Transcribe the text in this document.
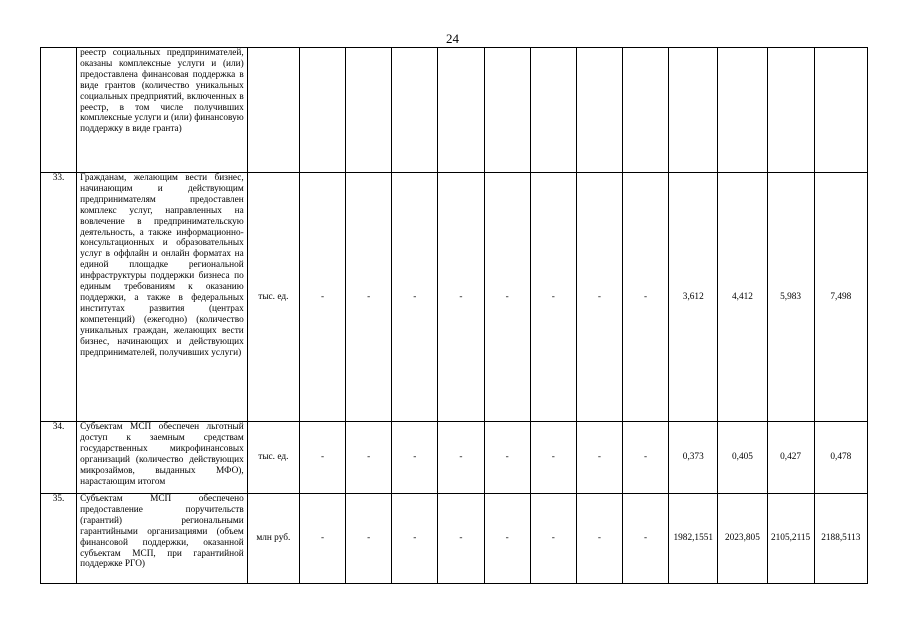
24
	реестр социальных предпринимателей, оказаны комплексные услуги и (или) предоставлена финансовая поддержка в виде грантов (количество уникальных социальных предприятий, включенных в реестр, в том числе получивших комплексные услуги и (или) финансовую поддержку в виде гранта)													
33.	Гражданам, желающим вести бизнес, начинающим и действующим предпринимателям предоставлен комплекс услуг, направленных на вовлечение в предпринимательскую деятельность, а также информационно-консультационных и образовательных услуг в оффлайн и онлайн форматах на единой площадке региональной инфраструктуры поддержки бизнеса по единым требованиям к оказанию поддержки, а также в федеральных институтах развития (центрах компетенций) (ежегодно) (количество уникальных граждан, желающих вести бизнес, начинающих и действующих предпринимателей, получивших услуги)	тыс. ед.	-	-	-	-	-	-	-	-	3,612	4,412	5,983	7,498
34.	Субъектам МСП обеспечен льготный доступ к заемным средствам государственных микрофинансовых организаций (количество действующих микрозаймов, выданных МФО), нарастающим итогом	тыс. ед.	-	-	-	-	-	-	-	-	0,373	0,405	0,427	0,478
35.	Субъектам МСП обеспечено предоставление поручительств (гарантий) региональными гарантийными организациями (объем финансовой поддержки, оказанной субъектам МСП, при гарантийной поддержке РГО)	млн руб.	-	-	-	-	-	-	-	-	1982,1551	2023,805	2105,2115	2188,5113
